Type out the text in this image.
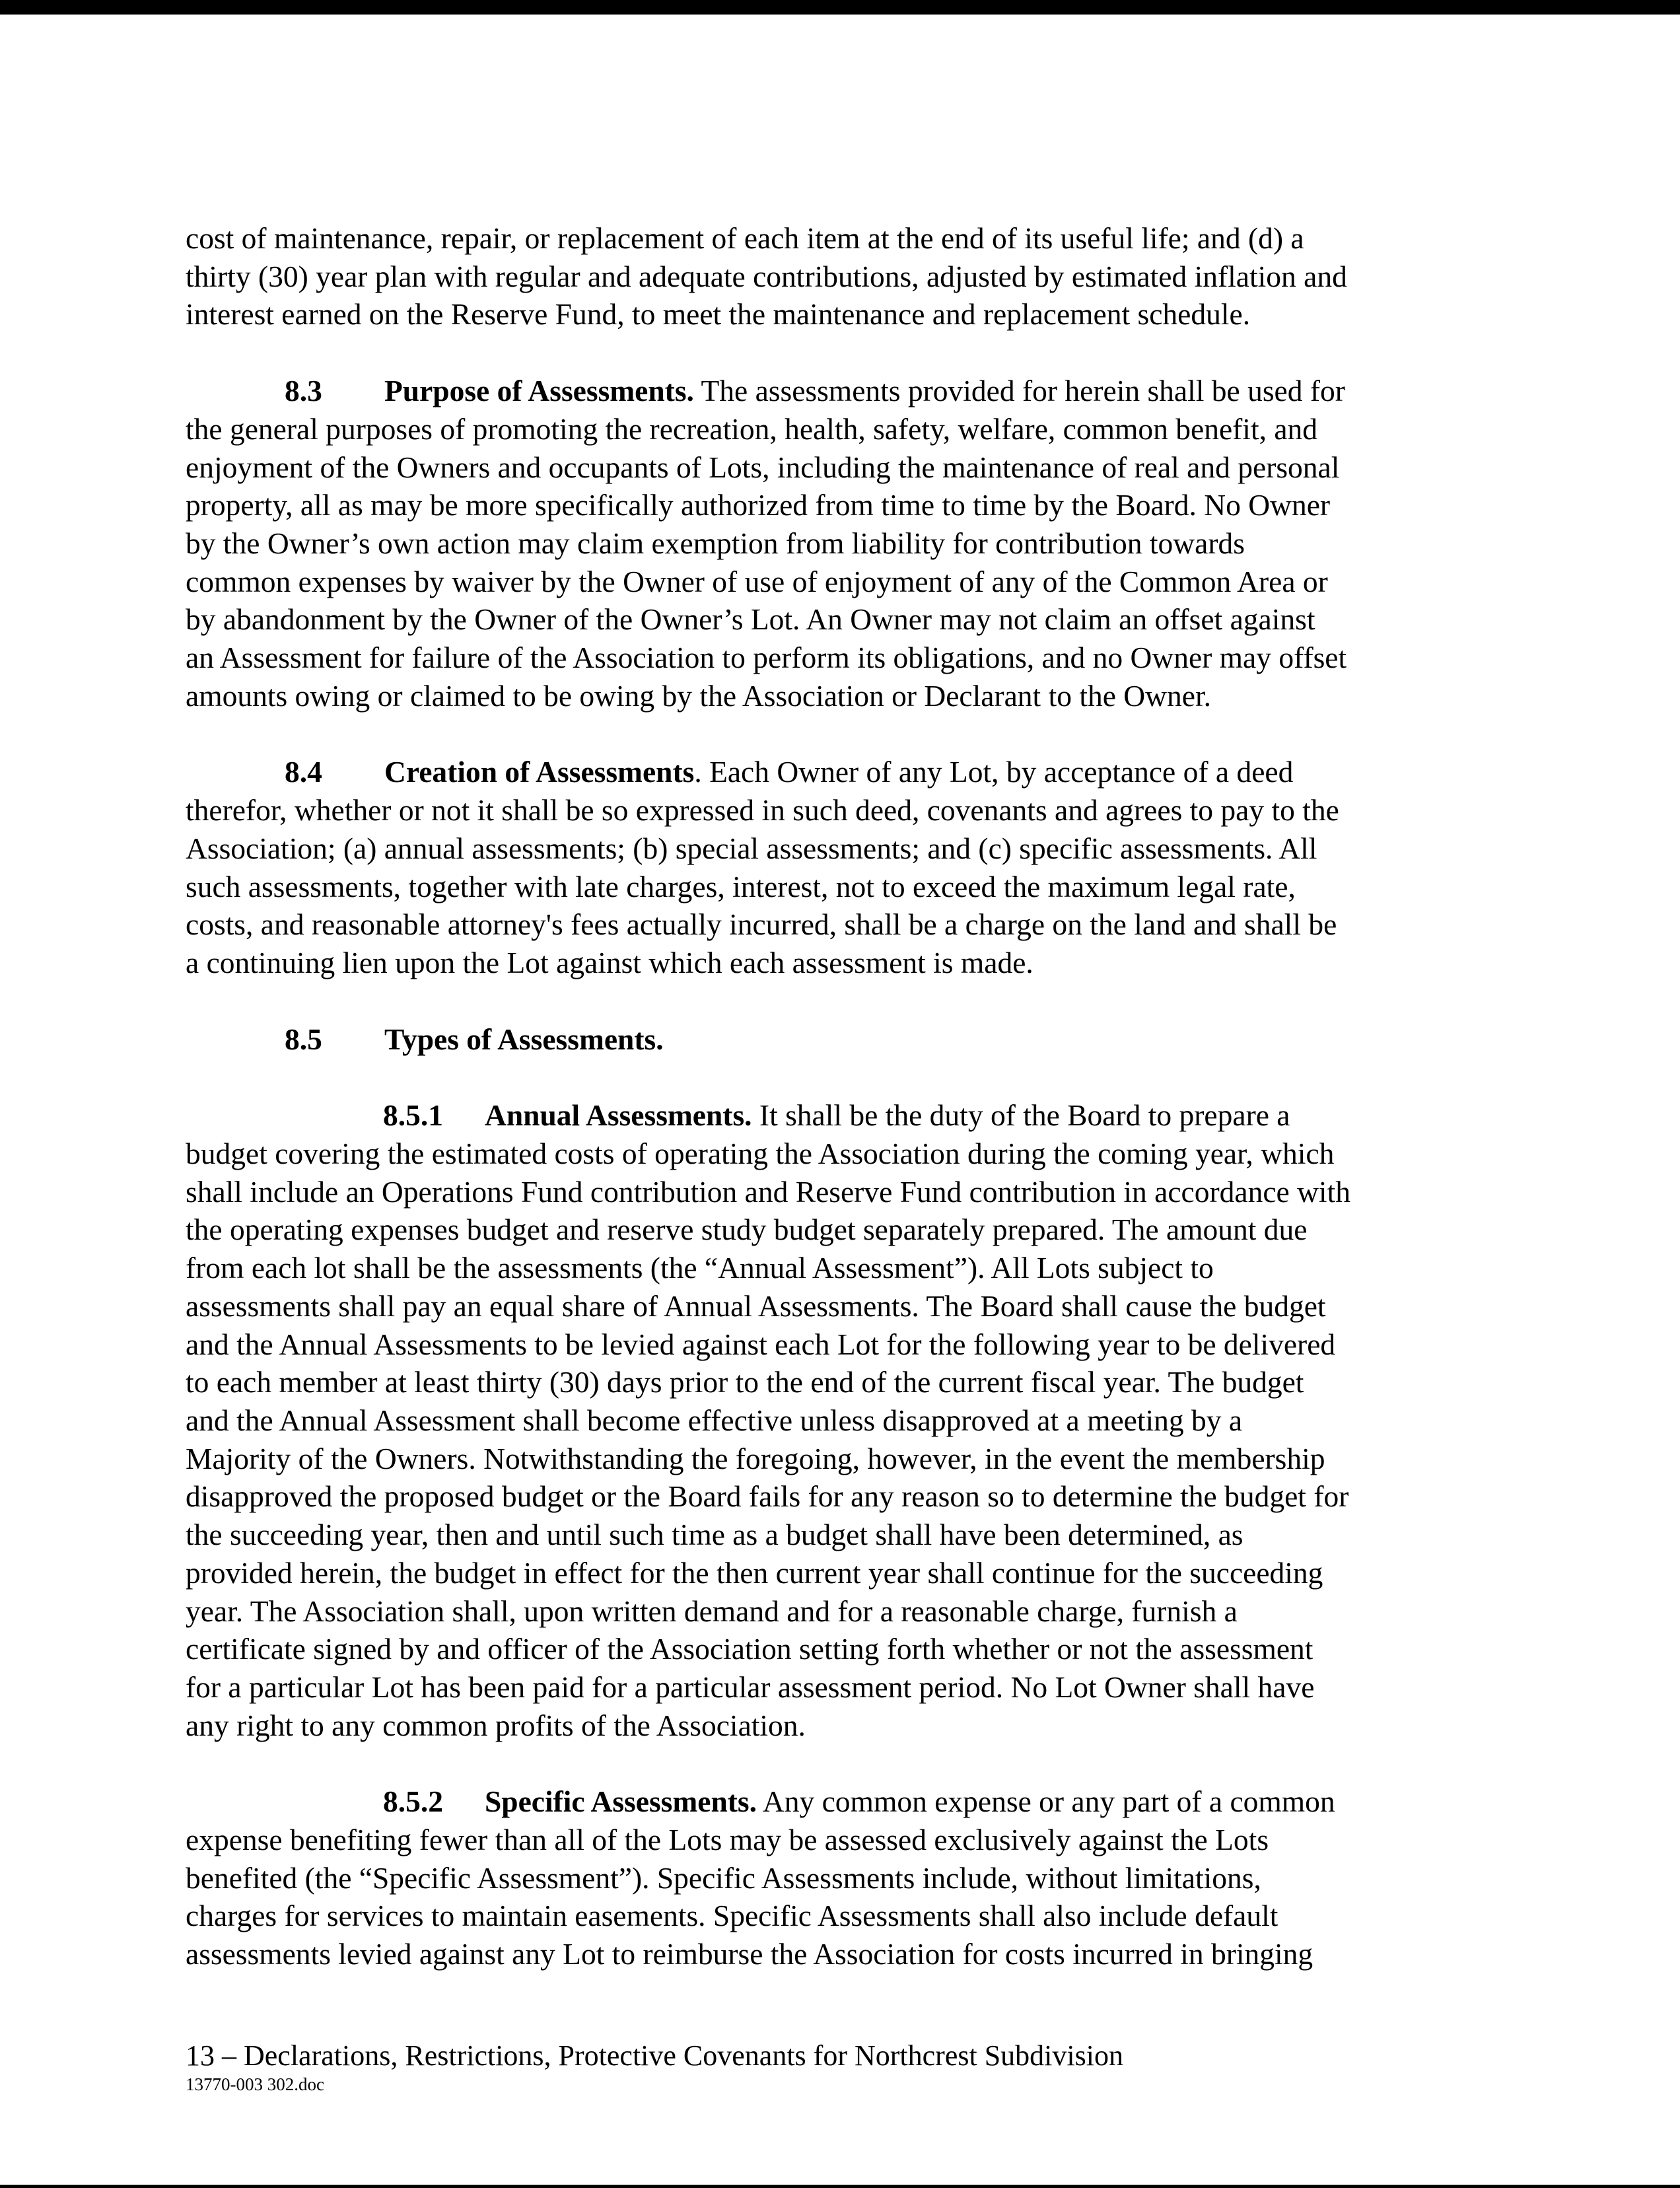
cost of maintenance, repair, or replacement of each item at the end of its useful life; and (d) a
thirty (30) year plan with regular and adequate contributions, adjusted by estimated inflation and
interest earned on the Reserve Fund, to meet the maintenance and replacement schedule.

8.3 Purpose of Assessments. The assessments provided for herein shall be used for
the general purposes of promoting the recreation, health, safety, welfare, common benefit, and
enjoyment of the Owners and occupants of Lots, including the maintenance of real and personal
property, all as may be more specifically authorized from time to time by the Board. No Owner
by the Owner’s own action may claim exemption from liability for contribution towards
common expenses by waiver by the Owner of use of enjoyment of any of the Common Area or
by abandonment by the Owner of the Owner’s Lot. An Owner may not claim an offset against
an Assessment for failure of the Association to perform its obligations, and no Owner may offset
amounts owing or claimed to be owing by the Association or Declarant to the Owner.

8.4 Creation of Assessments. Each Owner of any Lot, by acceptance of a deed
therefor, whether or not it shall be so expressed in such deed, covenants and agrees to pay to the
Association; (a) annual assessments; (b) special assessments; and (c) specific assessments. All
such assessments, together with late charges, interest, not to exceed the maximum legal rate,
costs, and reasonable attorney's fees actually incurred, shall be a charge on the land and shall be
a continuing lien upon the Lot against which each assessment is made.

8.5 Types of Assessments.

8.5.1 Annual Assessments. It shall be the duty of the Board to prepare a
budget covering the estimated costs of operating the Association during the coming year, which
shall include an Operations Fund contribution and Reserve Fund contribution in accordance with
the operating expenses budget and reserve study budget separately prepared. The amount due
from each lot shall be the assessments (the “Annual Assessment”). All Lots subject to
assessments shall pay an equal share of Annual Assessments. The Board shall cause the budget
and the Annual Assessments to be levied against each Lot for the following year to be delivered
to each member at least thirty (30) days prior to the end of the current fiscal year. The budget
and the Annual Assessment shall become effective unless disapproved at a meeting by a
Majority of the Owners. Notwithstanding the foregoing, however, in the event the membership
disapproved the proposed budget or the Board fails for any reason so to determine the budget for
the succeeding year, then and until such time as a budget shall have been determined, as
provided herein, the budget in effect for the then current year shall continue for the succeeding
year. The Association shall, upon written demand and for a reasonable charge, furnish a
certificate signed by and officer of the Association setting forth whether or not the assessment
for a particular Lot has been paid for a particular assessment period. No Lot Owner shall have
any right to any common profits of the Association.

8.5.2 Specific Assessments. Any common expense or any part of a common
expense benefiting fewer than all of the Lots may be assessed exclusively against the Lots
benefited (the “Specific Assessment”). Specific Assessments include, without limitations,
charges for services to maintain easements. Specific Assessments shall also include default
assessments levied against any Lot to reimburse the Association for costs incurred in bringing

13 – Declarations, Restrictions, Protective Covenants for Northcrest Subdivision
13770-003 302.doc
